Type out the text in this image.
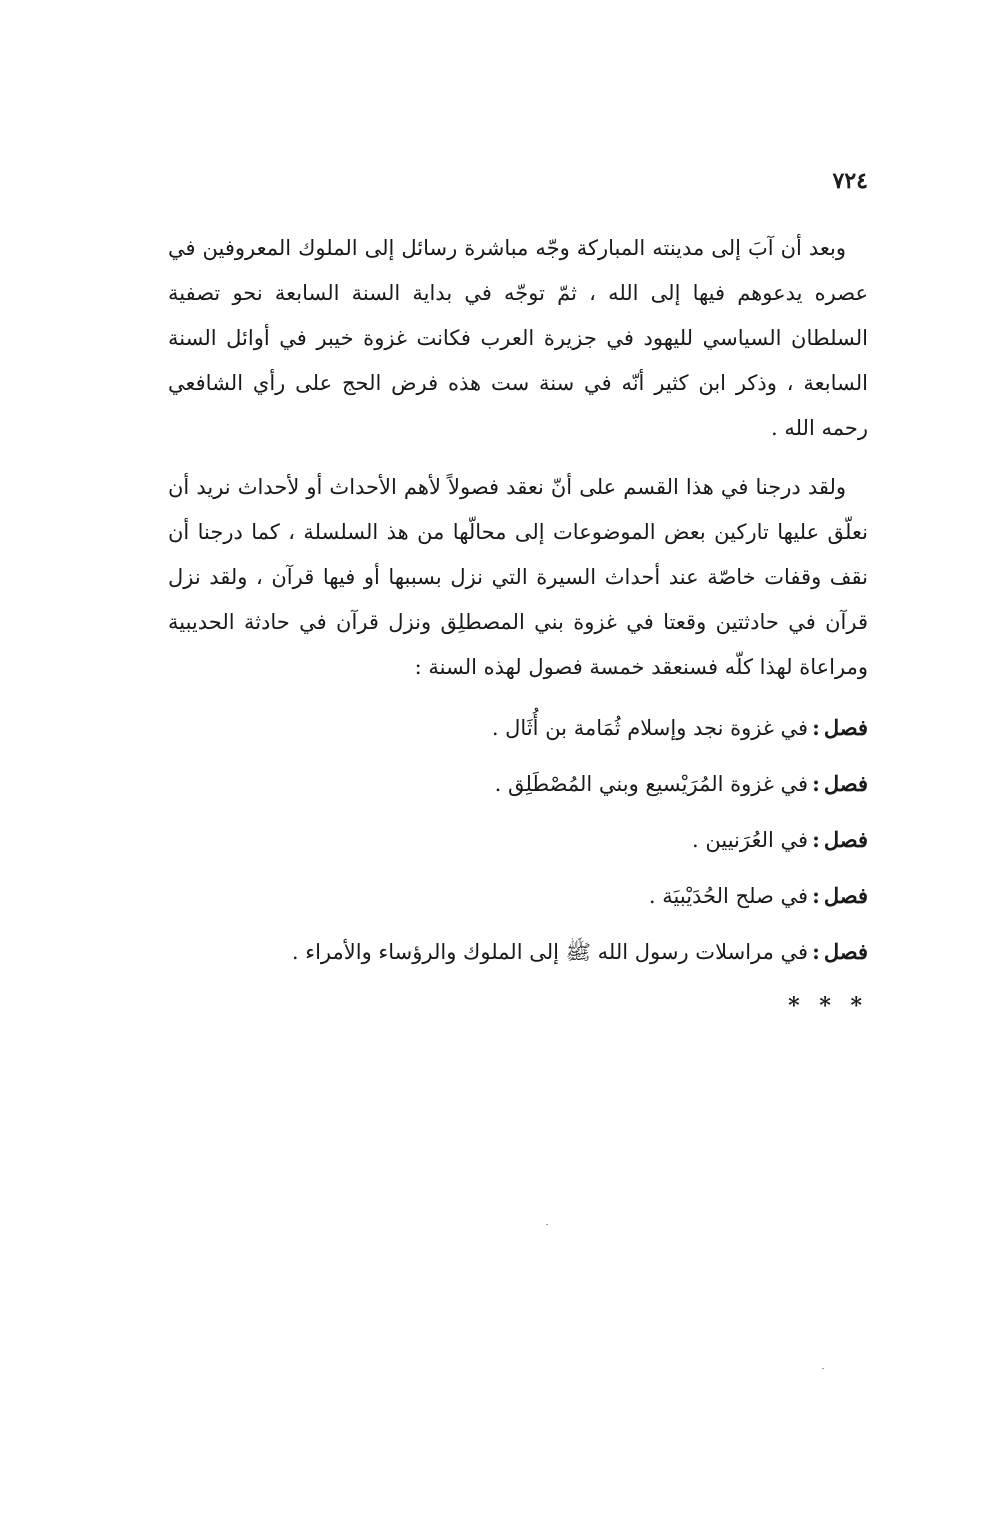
٧٢٤

وبعد أن آبَ إلى مدينته المباركة وجّه مباشرة رسائل إلى الملوك المعروفين في عصره يدعوهم فيها إلى الله ، ثمّ توجّه في بداية السنة السابعة نحو تصفية السلطان السياسي لليهود في جزيرة العرب فكانت غزوة خيبر في أوائل السنة السابعة ، وذكر ابن كثير أنّه في سنة ست هذه فرض الحج على رأي الشافعي رحمه الله .

ولقد درجنا في هذا القسم على أنّ نعقد فصولاً لأهم الأحداث أو لأحداث نريد أن نعلّق عليها تاركين بعض الموضوعات إلى محالّها من هذ السلسلة ، كما درجنا أن نقف وقفات خاصّة عند أحداث السيرة التي نزل بسببها أو فيها قرآن ، ولقد نزل قرآن في حادثتين وقعتا في غزوة بني المصطلِق ونزل قرآن في حادثة الحديبية ومراعاة لهذا كلّه فسنعقد خمسة فصول لهذه السنة :

فصل:في غزوة نجد وإسلام ثُمَامة بن أُثَال .
فصل:في غزوة المُرَيْسيع وبني المُصْطَلِق .
فصل:في العُرَنيين .
فصل:في صلح الحُدَيْبيَة .
فصل:في مراسلات رسول الله ﷺ إلى الملوك والرؤساء والأمراء .
* * *
